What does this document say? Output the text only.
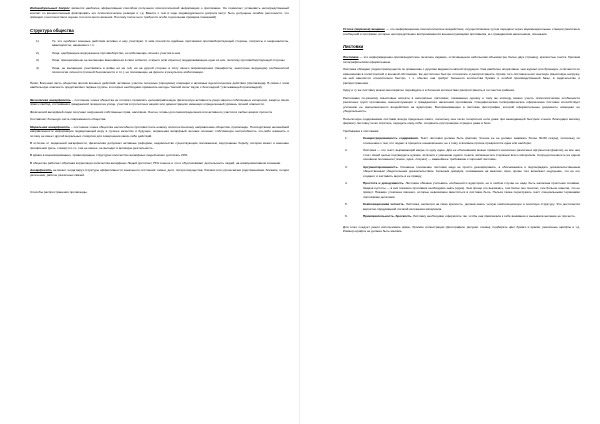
Индивидуальный допрос является наиболее эффективным способом получения психологической информации о противнике. Он позволяет установить непосредственный контакт со военнопленным фиксировать его психологическое реакции и т.д. Вместе с тем в ходе индивидуального допроса могут быть допущены ошибки (неточности, что приводит к неточностям в оценке того или иного явления. Поэтому после него требуется особо тщательная проверка показаний).

Структура общества
1)	Те, кто одобряет военные действия активно и ему участвуют. К ним относятся идейные противники противоборствующей стороны, патриоты и националисты, авантюристы; наемники и т.п.
2)	Лица, одобряющие вооруженное противоборство, но избегающие личного участия в нем
3)	Лица, принципиально не желающие вмешиваться в свои события, открыто (или скрытно) поддерживающие одно из них, политику противоборствующей стороны
4)	Лица, не желающие участвовать в войне ни на той, ни на другой стороне в силу своего мировоззрения (пацифисты, некоторые верующие) особенностей психологии личности (личной безопасности и т.п.), но полагающие на фронте в результате мобилизации.

Прим. Большая часть общества против военных действий, активное участие полезные (городские) операции и активные идеологические действия (пропаганда). В связи с этим наибольшую опасность представляют первые группы, в которых необходимо применять методы "мягкой силы" вкупе с бесследной "учитывающей пропагандой).

Физическая ангарфность – состояние члена общества не готового проявлять целенаправленную физическую активность ради защиты собственных интересов, защиты своих прав и свобод, отстаивания гражданской позиции на улице, участия в протестных акциях или демонстрациях имеющих определенный уровень личной опасности.

Физической ангарфией люди получают нарушения собственных прав, насилием. Они не готовы для самоопределения или активного участия в любых акциях протеста

Составляет большую часть современного общества.

Моральная ангарфность – состояние члена общества неспособного противостоять новому психологическому направлению общества, пропаганде. Последствием нелинейной направленности информации подвергающей веру в лучшее качество и будущее, моральная ангарфный человек осознает собственную неспособность что-либо изменить и потому не имеет другой моральных стимулов для совершения каких-либо действий.

В отличие от модальной ангарфности, физическая допускает активные реформы, недовольство существующим положением, внутреннюю борьбу, которая может и внешние проявления (речь, слова) что-то, тем не менее, не выходит в активную деятельность.

В армии в военизированных, правоохранные структурах количество ангарфных людей может достигать 20%.

В обществе работает обратная корреляция количества ангарфных Людей достигает 75% и выше и что и обусловливает деятельность людей, на коммуникативном сознании.

Ангарфность не может, когда вкруз структуры эффективности зонального состояния: семьи, дети, потеря имущества, близких или угроза жизни родственникам, близким, потери увлечения, работы различных связей.

Способы распространения пропаганды.

Устное (звуковое) вещание — это информационно-психологическое воздействие, осуществляемое путем передачи через звуковещательные станции различных сообщений и программ, которые непосредственно воспринимаются военнослужащими противника, его гражданским населением, пленными.

Листовки

Листовка — это информационно-пропагандистское печатное издание, отличающееся небольшим объемом (не более двух страниц), краткостью текста, броским типографическим оформлением.

Листовка обладает рядом преимуществ по сравнению с другими видами печатной продукции. Она наиболее оперативна, чем журнал или брошюра, отличается по изменениям в политической и военной обстановке. Ее достаточно быстро отпечатать и распространить. Кроме того листовка несет высокую смысловую нагрузку, на ней наносится относительно быстро, т. к. обычно она требует большого количества бумаги и особой производственной базы, в издательстве и распространении.

Одну и ту же листовку можно многократно перевидать и в больших количествах распространить в тех местах районах.

Распознано по-разному смысловые аспекты в непечатные листовках, показанных одному и тому же эпизоду, можно учесть психологические особенности различных групп противника, военнослужащих и гражданского населения противника. Специфическая полиграфическое оформление листовки способствует усилению ее эмоционального воздействия на аудиторию. Воспринимающие в листовке фотографии, которой оформительные документы освещают ее убедительность.

Посылочную содержанием листовки всегда предельно сжато, поскольку она легко потеряться если даже при выжидающей быстром чтении. Благодаря малому формату листовку легко спрятать, передать кому-либо, сохранить при проверке отряда и даже в боях.

Требования к листовкам:

1.	Концентрированность содержания. Текст листовки должен быть кратким. Чтение ее не должно занимать более 30-60 секунд, поскольку по отношению к тем, кто подает в процессе ознакомления, не к тому, в влияние прочие превратится одна или наоборот.
2.	Листовка — это текст, выражающий какую-то одну идею. Для ее обоснования можно привести несколько различных аргументов (фактов), но все они стоят своей целью подтвердить нужное читателя к усвоению одного тезиса, являющегося стержнем всего материала. Сосредоточенность на одном основном положении (тезисе, идее, лозунге) — важнейшее требование к хорошей листовке.
3.	Аргументированность. Основное положение листовки надо не просто декларировать, а обосновывать и подтверждать доказательственным общественным убедительным доказательством. Сильным доводом, основанным на анализе, ясно, кроме того возникает ощущение, что не его создают, и заставить верить в ее правду.
4.	Простота и доходчивость. Листовка обязана учитывать особенности аудитории, но в любом случае ее надо быть написана простыми словами. Задача пустоты — в них показать противник необходимо знать (идея). Чем проще это высказать, тем более оно понятно, тем больше шансов, что ее примут. Никакие утомлена лишнего, которые невозможно вместиться в листовке быть. Нельзя также перегружать текст специальными терминами листовкими деталями.
5.	Композиционная четкость. Листовка, несмотря на свою краткость, должна иметь четкую композиционную и понятную структуру. Это достигается вероятно продуманной логикой изложения материала.
6.	Привлекательность, броскость. Листовку необходимо оформлять так, чтобы она привлекала к себе внимание и вызывала желание ее прочесть.

Для этого следует умело использовать яркие, броские иллюстрации (фотографии, рисунки, схемы), подбирать цвет бумаги и краски, различные шрифты и т.д. Размер шрифта не должен быть мелким.
